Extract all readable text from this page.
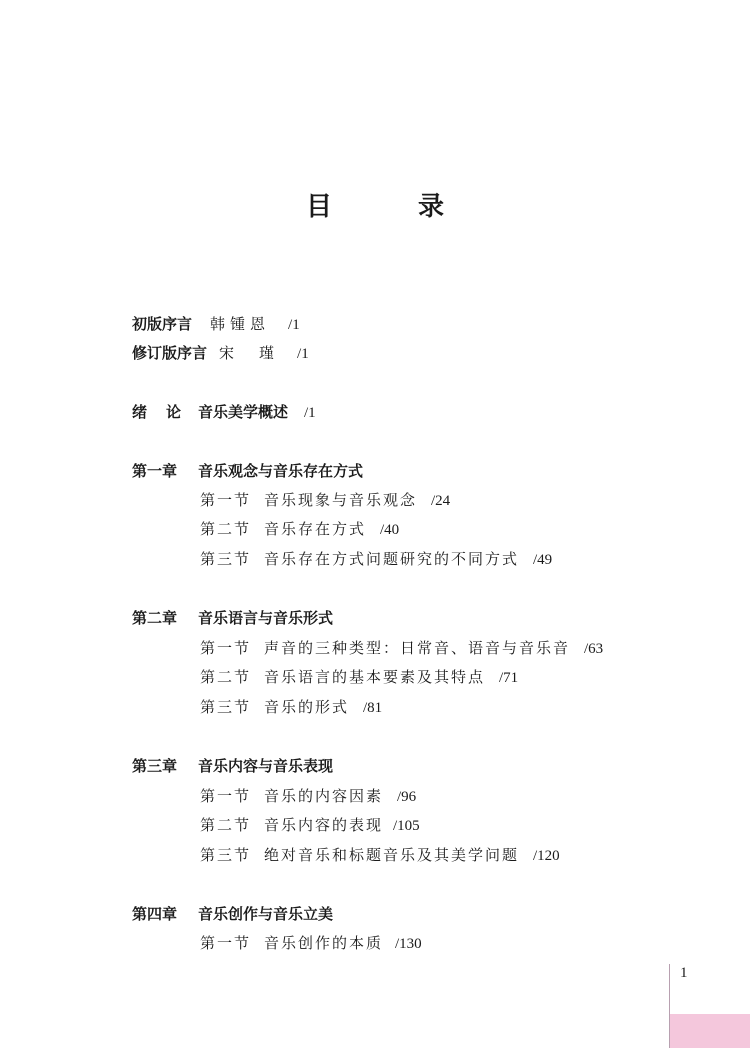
目　录
初版序言 韩锺恩 /1
修订版序言 宋　瑾 /1
绪　论 音乐美学概述 /1
第一章 音乐观念与音乐存在方式
第一节 音乐现象与音乐观念 /24
第二节 音乐存在方式 /40
第三节 音乐存在方式问题研究的不同方式 /49
第二章 音乐语言与音乐形式
第一节 声音的三种类型：日常音、语音与音乐音 /63
第二节 音乐语言的基本要素及其特点 /71
第三节 音乐的形式 /81
第三章 音乐内容与音乐表现
第一节 音乐的内容因素 /96
第二节 音乐内容的表现 /105
第三节 绝对音乐和标题音乐及其美学问题 /120
第四章 音乐创作与音乐立美
第一节 音乐创作的本质 /130
1
